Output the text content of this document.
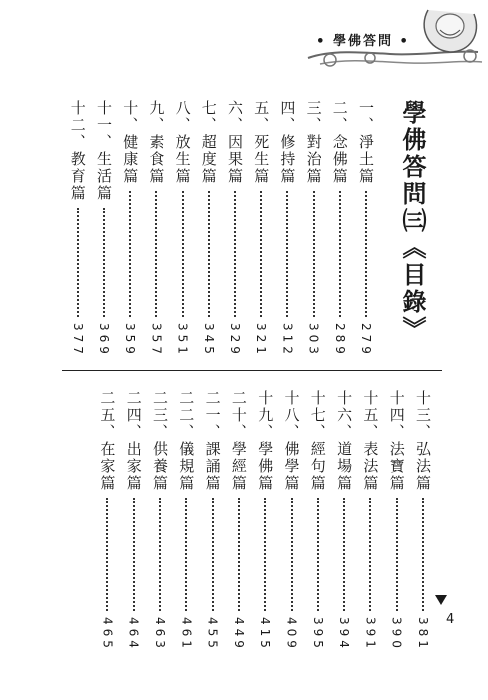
• 學佛答問 •
學佛答問㈢《目錄》
一、淨土篇
279
二、念佛篇
289
三、對治篇
303
四、修持篇
312
五、死生篇
321
六、因果篇
329
七、超度篇
345
八、放生篇
351
九、素食篇
357
十、健康篇
359
十一、生活篇
369
十二、教育篇
377
十三、弘法篇
381
十四、法寶篇
390
十五、表法篇
391
十六、道場篇
394
十七、經句篇
395
十八、佛學篇
409
十九、學佛篇
415
二十、學經篇
449
二一、課誦篇
455
二二、儀規篇
461
二三、供養篇
463
二四、出家篇
464
二五、在家篇
465	4
